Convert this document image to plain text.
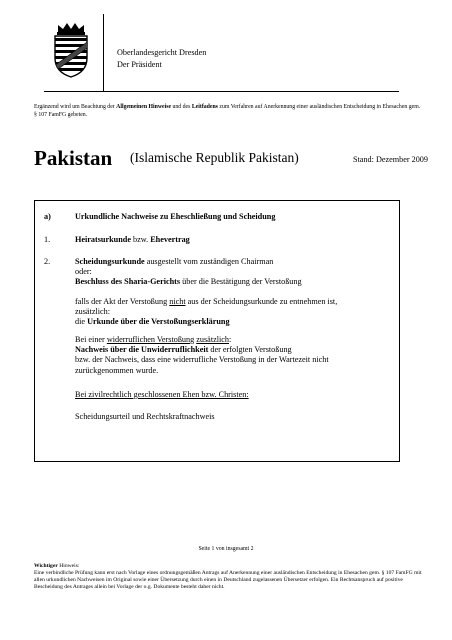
Oberlandesgericht Dresden
Der Präsident
Ergänzend wird um Beachtung der Allgemeinen Hinweise und des Leitfadens zum Verfahren auf Anerkennung einer ausländischen Entscheidung in Ehesachen gem. § 107 FamFG gebeten.
Pakistan (Islamische Republik Pakistan)	Stand: Dezember 2009
a)	Urkundliche Nachweise zu Eheschließung und Scheidung
1.	Heiratsurkunde bzw. Ehevertrag
2.	Scheidungsurkunde ausgestellt vom zuständigen Chairman
oder:
Beschluss des Sharia-Gerichts über die Bestätigung der Verstoßung
falls der Akt der Verstoßung nicht aus der Scheidungsurkunde zu entnehmen ist,
zusätzlich:
die Urkunde über die Verstoßungserklärung
Bei einer widerruflichen Verstoßung zusätzlich:
Nachweis über die Unwiderruflichkeit der erfolgten Verstoßung
bzw. der Nachweis, dass eine widerrufliche Verstoßung in der Wartezeit nicht
zurückgenommen wurde.
Bei zivilrechtlich geschlossenen Ehen bzw. Christen:
Scheidungsurteil und Rechtskraftnachweis
Seite 1 von insgesamt 2
Wichtiger Hinweis:
Eine verbindliche Prüfung kann erst nach Vorlage eines ordnungsgemäßen Antrags auf Anerkennung einer ausländischen Entscheidung in Ehesachen gem. § 107 FamFG mit allen urkundlichen Nachweisen im Original sowie einer Übersetzung durch einen in Deutschland zugelassenen Übersetzer erfolgen. Ein Rechtsanspruch auf positive Bescheidung des Antrages allein bei Vorlage der o.g. Dokumente besteht daher nicht.
